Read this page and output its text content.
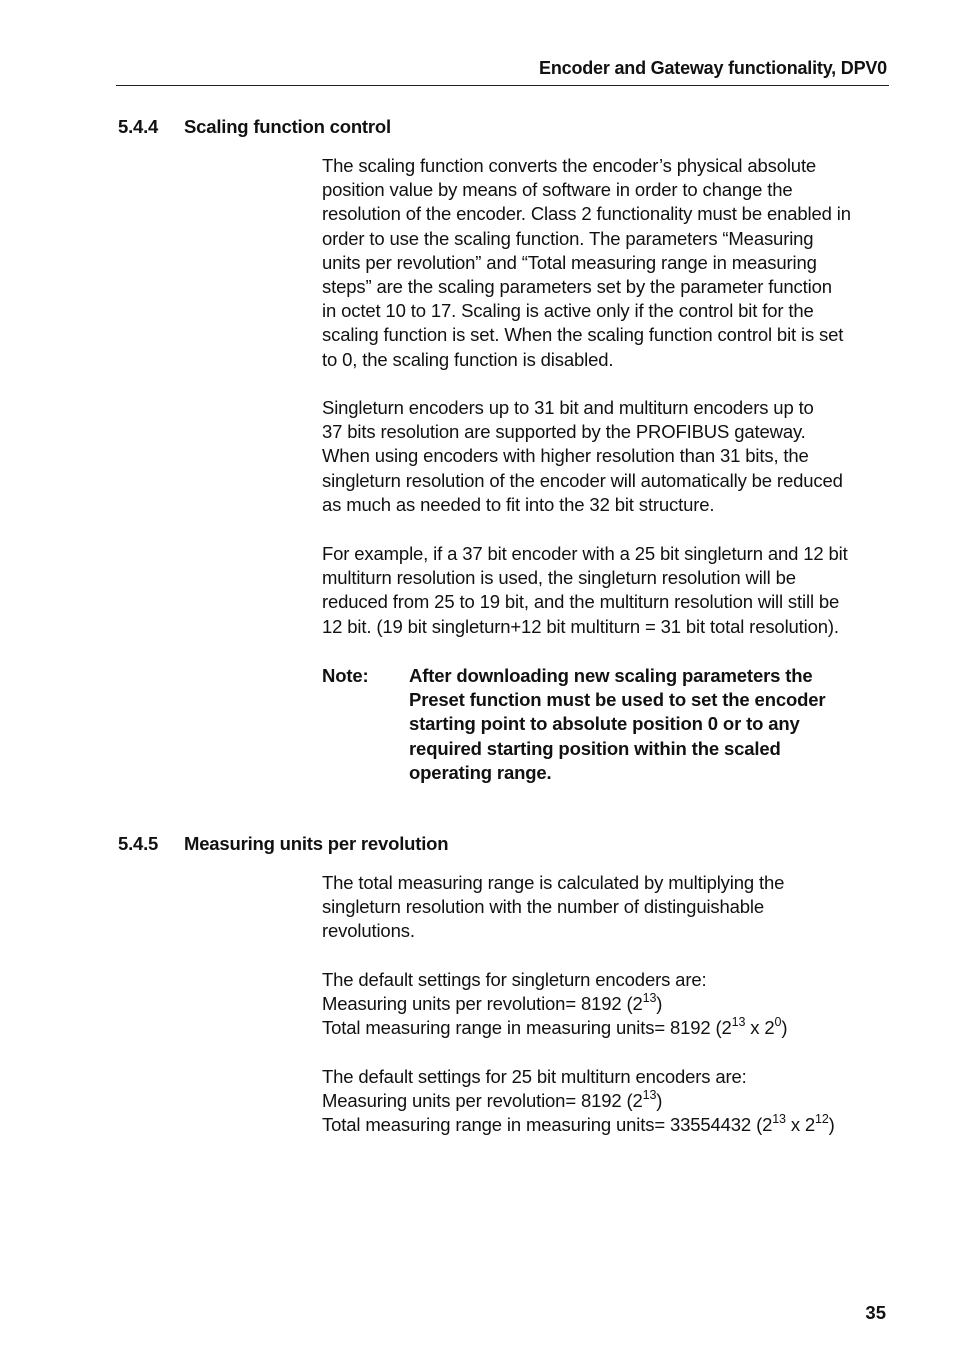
Encoder and Gateway functionality, DPV0
5.4.4 Scaling function control
The scaling function converts the encoder’s physical absolute
position value by means of software in order to change the
resolution of the encoder. Class 2 functionality must be enabled in
order to use the scaling function. The parameters “Measuring
units per revolution” and “Total measuring range in measuring
steps” are the scaling parameters set by the parameter function
in octet 10 to 17. Scaling is active only if the control bit for the
scaling function is set. When the scaling function control bit is set
to 0, the scaling function is disabled.
Singleturn encoders up to 31 bit and multiturn encoders up to
37 bits resolution are supported by the PROFIBUS gateway.
When using encoders with higher resolution than 31 bits, the
singleturn resolution of the encoder will automatically be reduced
as much as needed to fit into the 32 bit structure.
For example, if a 37 bit encoder with a 25 bit singleturn and 12 bit
multiturn resolution is used, the singleturn resolution will be
reduced from 25 to 19 bit, and the multiturn resolution will still be
12 bit. (19 bit singleturn+12 bit multiturn = 31 bit total resolution).
Note:	After downloading new scaling parameters the
Preset function must be used to set the encoder
starting point to absolute position 0 or to any
required starting position within the scaled
operating range.
5.4.5 Measuring units per revolution
The total measuring range is calculated by multiplying the
singleturn resolution with the number of distinguishable
revolutions.
The default settings for singleturn encoders are:
Measuring units per revolution= 8192 $(2^{13})$
Total measuring range in measuring units= 8192 ($2^{13}$ x $2^0$)
The default settings for 25 bit multiturn encoders are:
Measuring units per revolution= 8192 $(2^{13})$
Total measuring range in measuring units= 33554432 ($2^{13}$ x $2^{12}$)
35
